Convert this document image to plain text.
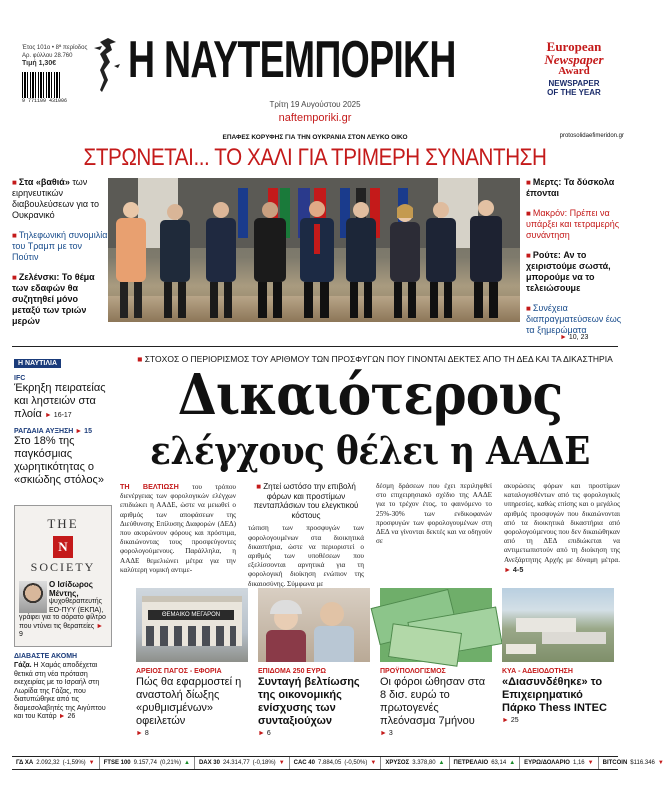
Έτος 101ο • 8ª περίοδος
Αρ. φύλλου 28.760
Τιμή 1,30€
9 771109 431006
Η ΝΑΥΤΕΜΠΟΡΙΚΗ
Τρίτη 19 Αυγούστου 2025
naftemporiki.gr
European
Newspaper
Award
NEWSPAPER
OF THE YEAR
ΕΠΑΦΕΣ ΚΟΡΥΦΗΣ ΓΙΑ ΤΗΝ ΟΥΚΡΑΝΙΑ ΣΤΟΝ ΛΕΥΚΟ ΟΙΚΟ	protosolidaefimeridon.gr
ΣΤΡΩΝΕΤΑΙ... ΤΟ ΧΑΛΙ ΓΙΑ ΤΡΙΜΕΡΗ ΣΥΝΑΝΤΗΣΗ
■ Στα «βαθιά» των ειρηνευτικών διαβουλεύσεων για το Ουκρανικό
■ Τηλεφωνική συνομιλία του Τραμπ με τον Πούτιν
■ Ζελένσκι: Το θέμα των εδαφών θα συζητηθεί μόνο μεταξύ των τριών μερών
■ Μερτς: Τα δύσκολα έπονται
■ Μακρόν: Πρέπει να υπάρξει και τετραμερής συνάντηση
■ Ρούτε: Αν το χειριστούμε σωστά, μπορούμε να το τελειώσουμε
■ Συνέχεια διαπραγματεύσεων έως τα ξημερώματα
► 10, 23
Η ΝΑΥΤΙΛΙΑ
IFC
Έκρηξη πειρατείας και ληστειών στα πλοία ► 16-17
ΡΑΓΔΑΙΑ ΑΥΞΗΣΗ ► 15
Στο 18% της παγκόσμιας χωρητικότητας ο «σκιώδης στόλος»
THE
N
SOCIETY
Ο Ισίδωρος Μέντης,
ψυχοθεραπευτής ΕΟ-ΠΥΥ (ΕΚΠΑ),
γράφει για το αόρατο φίλτρο που ντύνει τις θεραπείες ► 9
ΔΙΑΒΑΣΤΕ ΑΚΟΜΗ
Γάζα. Η Χαμάς αποδέχεται θετικά στη νέα πρόταση εκεχειρίας με το Ισραήλ στη Λωρίδα της Γάζας, που διατυπώθηκε από τις διαμεσολαβητές της Αιγύπτου και του Κατάρ ► 26
■ ΣΤΟΧΟΣ Ο ΠΕΡΙΟΡΙΣΜΟΣ ΤΟΥ ΑΡΙΘΜΟΥ ΤΩΝ ΠΡΟΣΦΥΓΩΝ ΠΟΥ ΓΙΝΟΝΤΑΙ ΔΕΚΤΕΣ ΑΠΟ ΤΗ ΔΕΔ ΚΑΙ ΤΑ ΔΙΚΑΣΤΗΡΙΑ
Δικαιότερους
ελέγχους θέλει η ΑΑΔΕ
ΤΗ ΒΕΛΤΙΩΣΗ του τρόπου διενέργειας των φορολογικών ελέγχων επιδιώκει η ΑΑΔΕ, ώστε να μειωθεί ο αριθμός των αποφάσεων της Διεύθυνσης Επίλυσης Διαφορών (ΔΕΔ) που ακυρώνουν φόρους και πρόστιμα, δικαιώνοντας τους προσφεύγοντες φορολογούμενους. Παράλληλα, η ΑΑΔΕ θεμελιώνει μέτρα για την καλύτερη νομική αντιμε-
■ Ζητεί ωστόσο την επιβολή φόρων και προστίμων πενταπλάσιων του ελεγκτικού κόστους
τώπιση των προσφυγών των φορολογουμένων στα διοικητικά δικαστήρια, ώστε να περιοριστεί ο αριθμός των υποθέσεων που εξελίσσονται αρνητικά για τη φορολογική διοίκηση ενώπιον της δικαιοσύνης. Σύμφωνα με
δέσμη δράσεων που έχει περιληφθεί στο επιχειρησιακό σχέδιο της ΑΑΔΕ για το τρέχον έτος, το φαινόμενο το 25%-30% των ενδικοφανών προσφυγών των φορολογουμένων στη ΔΕΔ να γίνονται δεκτές και να οδηγούν σε
ακυρώσεις φόρων και προστίμων καταλογισθέντων από τις φορολογικές υπηρεσίες, καθώς επίσης και ο μεγάλος αριθμός προσφυγών που δικαιώνονται από τα διοικητικά δικαστήρια από φορολογούμενους που δεν δικαιώθηκαν από τη ΔΕΔ επιδιώκεται να αντιμετωπιστούν από τη διοίκηση της Ανεξάρτητης Αρχής με δύναμη μέτρα. ► 4-5
ΘΕΜΑΙΚΟ ΜΕΓΑΡΟΝ
ΑΡΕΙΟΣ ΠΑΓΟΣ - ΕΦΟΡΙΑ
Πώς θα εφαρμοστεί η αναστολή δίωξης «ρυθμισμένων» οφειλετών
► 8
ΕΠΙΔΟΜΑ 250 ΕΥΡΩ
Συνταγή βελτίωσης της οικονομικής ενίσχυσης των συνταξιούχων
► 6
ΠΡΟΫΠΟΛΟΓΙΣΜΟΣ
Οι φόροι ώθησαν στα 8 δισ. ευρώ το πρωτογενές πλεόνασμα 7μήνου
► 3
ΚΥΑ - ΑΔΕΙΟΔΟΤΗΣΗ
«Διασυνδέθηκε» το Επιχειρηματικό Πάρκο Thess INTEC
► 25
ΓΔ ΧΑ 2.092,32 (-1,59%) ▼ FTSE 100 9.157,74 (0,21%) ▲ DAX 30 24.314,77 (-0,18%) ▼ CAC 40 7.884,05 (-0,50%) ▼ ΧΡΥΣΟΣ 3.378,80 ▲ ΠΕΤΡΕΛΑΙΟ 63,14 ▲ ΕΥΡΩ/ΔΟΛΑΡΙΟ 1,16 ▼ BITCOIN $116.346 ▼
